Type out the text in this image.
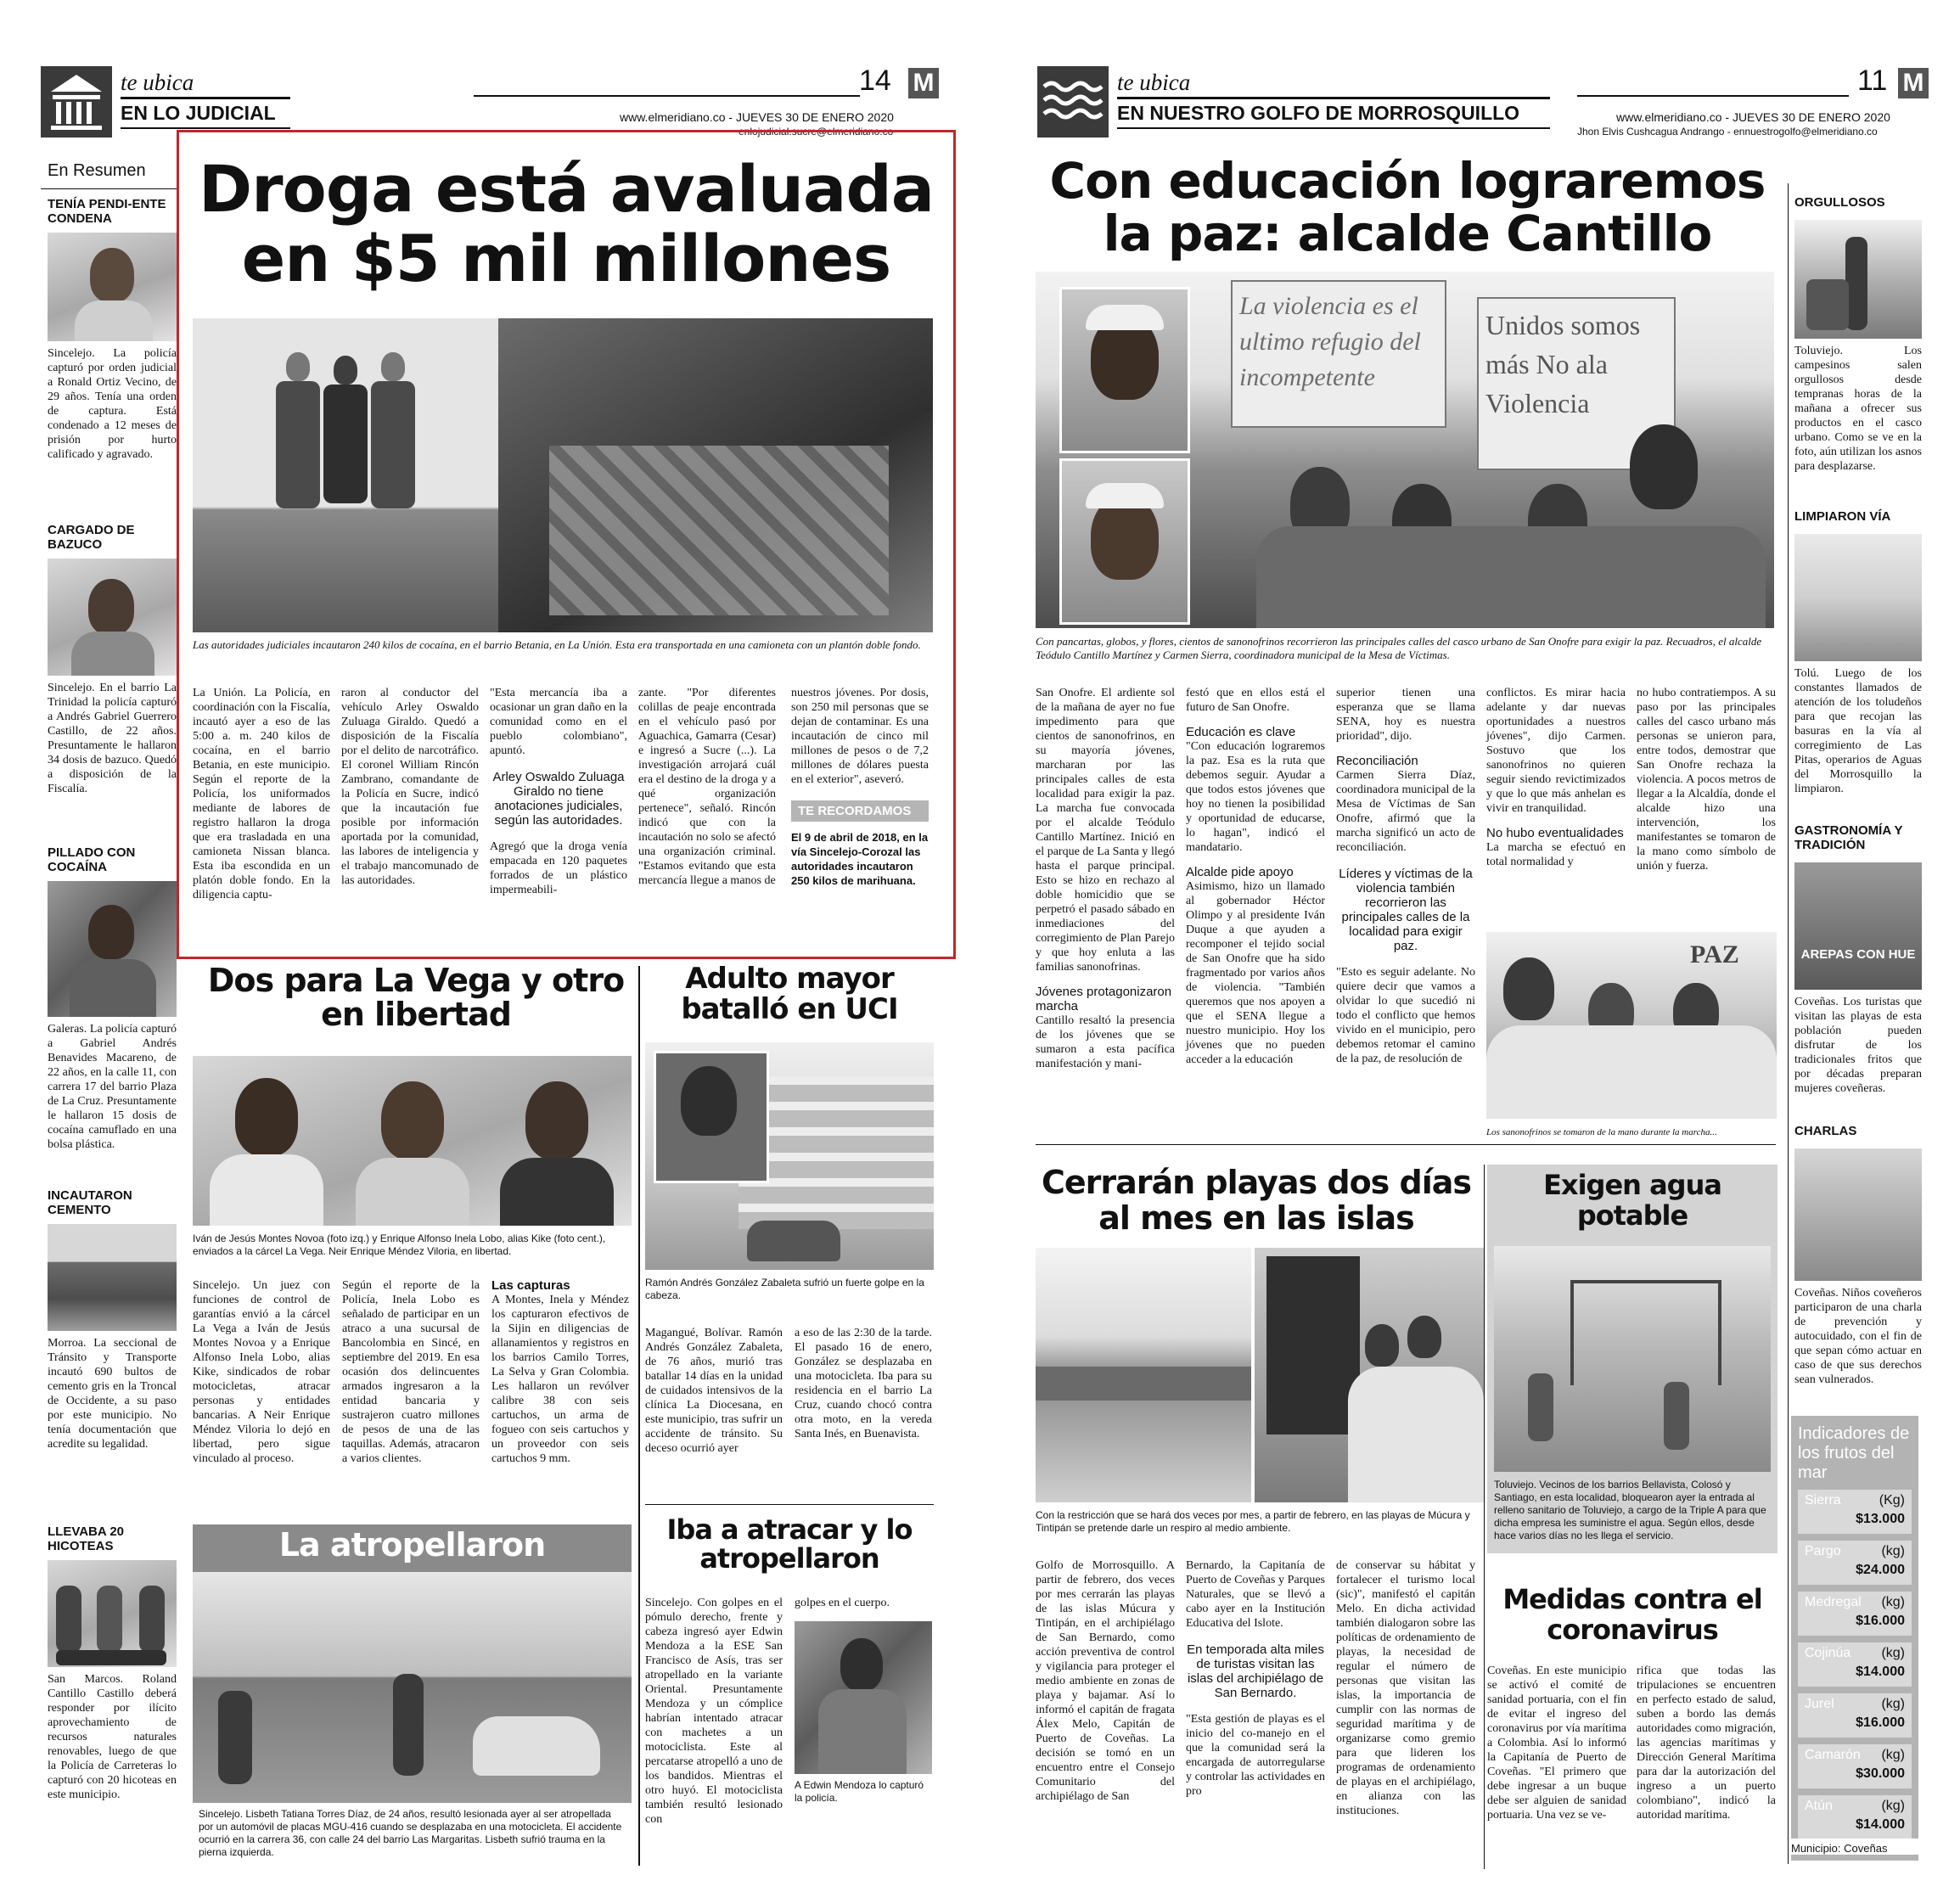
te ubica
EN LO JUDICIAL
14 M
www.elmeridiano.co - JUEVES 30 DE ENERO 2020
enlojudicial.sucre@elmeridiano.co
En Resumen
TENÍA PENDI-ENTE CONDENA
Sincelejo. La policía capturó por orden judicial a Ronald Ortiz Vecino, de 29 años. Tenía una orden de captura. Está condenado a 12 meses de prisión por hurto calificado y agravado.
CARGADO DE BAZUCO
Sincelejo. En el barrio La Trinidad la policía capturó a Andrés Gabriel Guerrero Castillo, de 22 años. Presuntamente le hallaron 34 dosis de bazuco. Quedó a disposición de la Fiscalía.
PILLADO CON COCAÍNA
Galeras. La policía capturó a Gabriel Andrés Benavides Macareno, de 22 años, en la calle 11, con carrera 17 del barrio Plaza de La Cruz. Presuntamente le hallaron 15 dosis de cocaína camuflado en una bolsa plástica.
INCAUTARON CEMENTO
Morroa. La seccional de Tránsito y Transporte incautó 690 bultos de cemento gris en la Troncal de Occidente, a su paso por este municipio. No tenía documentación que acredite su legalidad.
LLEVABA 20 HICOTEAS
San Marcos. Roland Cantillo Castillo deberá responder por ilícito aprovechamiento de recursos naturales renovables, luego de que la Policía de Carreteras lo capturó con 20 hicoteas en este municipio.
Droga está avaluada en $5 mil millones
Las autoridades judiciales incautaron 240 kilos de cocaína, en el barrio Betania, en La Unión. Esta era transportada en una camioneta con un plantón doble fondo.
La Unión. La Policía, en coordinación con la Fiscalía, incautó ayer a eso de las 5:00 a. m. 240 kilos de cocaína, en el barrio Betania, en este municipio. Según el reporte de la Policía, los uniformados mediante de labores de registro hallaron la droga que era trasladada en una camioneta Nissan blanca. Esta iba escondida en un platón doble fondo. En la diligencia captu-
raron al conductor del vehículo Arley Oswaldo Zuluaga Giraldo. Quedó a disposición de la Fiscalía por el delito de narcotráfico. El coronel William Rincón Zambrano, comandante de la Policía en Sucre, indicó que la incautación fue posible por información aportada por la comunidad, las labores de inteligencia y el trabajo mancomunado de las autoridades.
"Esta mercancía iba a ocasionar un gran daño en la comunidad como en el pueblo colombiano", apuntó.
Arley Oswaldo Zuluaga Giraldo no tiene anotaciones judiciales, según las autoridades.
Agregó que la droga venía empacada en 120 paquetes forrados de un plástico impermeabili-
zante. "Por diferentes colillas de peaje encontrada en el vehículo pasó por Aguachica, Gamarra (Cesar) e ingresó a Sucre (...). La investigación arrojará cuál era el destino de la droga y a qué organización pertenece", señaló. Rincón indicó que con la incautación no solo se afectó una organización criminal. "Estamos evitando que esta mercancía llegue a manos de
nuestros jóvenes. Por dosis, son 250 mil personas que se dejan de contaminar. Es una incautación de cinco mil millones de pesos o de 7,2 millones de dólares puesta en el exterior", aseveró.
TE RECORDAMOS
El 9 de abril de 2018, en la vía Sincelejo-Corozal las autoridades incautaron 250 kilos de marihuana.
Dos para La Vega y otro en libertad
Iván de Jesús Montes Novoa (foto izq.) y Enrique Alfonso Inela Lobo, alias Kike (foto cent.), enviados a la cárcel La Vega. Neir Enrique Méndez Viloria, en libertad.
Sincelejo. Un juez con funciones de control de garantías envió a la cárcel La Vega a Iván de Jesús Montes Novoa y a Enrique Alfonso Inela Lobo, alias Kike, sindicados de robar motocicletas, atracar personas y entidades bancarias. A Neir Enrique Méndez Viloria lo dejó en libertad, pero sigue vinculado al proceso.
Según el reporte de la Policía, Inela Lobo es señalado de participar en un atraco a una sucursal de Bancolombia en Sincé, en septiembre del 2019. En esa ocasión dos delincuentes armados ingresaron a la entidad bancaria y sustrajeron cuatro millones de pesos de una de las taquillas. Además, atracaron a varios clientes.
Las capturas
A Montes, Inela y Méndez los capturaron efectivos de la Sijin en diligencias de allanamientos y registros en los barrios Camilo Torres, La Selva y Gran Colombia. Les hallaron un revólver calibre 38 con seis cartuchos, un arma de fogueo con seis cartuchos y un proveedor con seis cartuchos 9 mm.
La atropellaron
Sincelejo. Lisbeth Tatiana Torres Díaz, de 24 años, resultó lesionada ayer al ser atropellada por un automóvil de placas MGU-416 cuando se desplazaba en una motocicleta. El accidente ocurrió en la carrera 36, con calle 24 del barrio Las Margaritas. Lisbeth sufrió trauma en la pierna izquierda.
Adulto mayor batalló en UCI
Ramón Andrés González Zabaleta sufrió un fuerte golpe en la cabeza.
Magangué, Bolívar. Ramón Andrés González Zabaleta, de 76 años, murió tras batallar 14 días en la unidad de cuidados intensivos de la clínica La Diocesana, en este municipio, tras sufrir un accidente de tránsito. Su deceso ocurrió ayer
a eso de las 2:30 de la tarde. El pasado 16 de enero, González se desplazaba en una motocicleta. Iba para su residencia en el barrio La Cruz, cuando chocó contra otra moto, en la vereda Santa Inés, en Buenavista.
Iba a atracar y lo atropellaron
Sincelejo. Con golpes en el pómulo derecho, frente y cabeza ingresó ayer Edwin Mendoza a la ESE San Francisco de Asís, tras ser atropellado en la variante Oriental. Presuntamente Mendoza y un cómplice habrían intentado atracar con machetes a un motociclista. Este al percatarse atropelló a uno de los bandidos. Mientras el otro huyó. El motociclista también resultó lesionado con
golpes en el cuerpo.
A Edwin Mendoza lo capturó la policía.
te ubica
EN NUESTRO GOLFO DE MORROSQUILLO
11 M
www.elmeridiano.co - JUEVES 30 DE ENERO 2020
Jhon Elvis Cushcagua Andrango - ennuestrogolfo@elmeridiano.co
Con educación lograremos la paz: alcalde Cantillo
La violencia es el ultimo refugio del incompetente
Unidos somos más No ala Violencia
Con pancartas, globos, y flores, cientos de sanonofrinos recorrieron las principales calles del casco urbano de San Onofre para exigir la paz. Recuadros, el alcalde Teódulo Cantillo Martínez y Carmen Sierra, coordinadora municipal de la Mesa de Víctimas.
San Onofre. El ardiente sol de la mañana de ayer no fue impedimento para que cientos de sanonofrinos, en su mayoría jóvenes, marcharan por las principales calles de esta localidad para exigir la paz. La marcha fue convocada por el alcalde Teódulo Cantillo Martínez. Inició en el parque de La Santa y llegó hasta el parque principal. Esto se hizo en rechazo al doble homicidio que se perpetró el pasado sábado en inmediaciones del corregimiento de Plan Parejo y que hoy enluta a las familias sanonofrinas.
Jóvenes protagonizaron marcha
Cantillo resaltó la presencia de los jóvenes que se sumaron a esta pacífica manifestación y mani-
festó que en ellos está el futuro de San Onofre.
Educación es clave
"Con educación lograremos la paz. Esa es la ruta que debemos seguir. Ayudar a que todos estos jóvenes que hoy no tienen la posibilidad y oportunidad de educarse, lo hagan", indicó el mandatario.
Alcalde pide apoyo
Asimismo, hizo un llamado al gobernador Héctor Olimpo y al presidente Iván Duque a que ayuden a recomponer el tejido social de San Onofre que ha sido fragmentado por varios años de violencia. "También queremos que nos apoyen a que el SENA llegue a nuestro municipio. Hoy los jóvenes que no pueden acceder a la educación
superior tienen una esperanza que se llama SENA, hoy es nuestra prioridad", dijo.
Reconciliación
Carmen Sierra Díaz, coordinadora municipal de la Mesa de Víctimas de San Onofre, afirmó que la marcha significó un acto de reconciliación.
Líderes y víctimas de la violencia también recorrieron las principales calles de la localidad para exigir paz.
"Esto es seguir adelante. No quiere decir que vamos a olvidar lo que sucedió ni todo el conflicto que hemos vivido en el municipio, pero debemos retomar el camino de la paz, de resolución de
conflictos. Es mirar hacia adelante y dar nuevas oportunidades a nuestros jóvenes", dijo Carmen. Sostuvo que los sanonofrinos no quieren seguir siendo revictimizados y que lo que más anhelan es vivir en tranquilidad.
No hubo eventualidades
La marcha se efectuó en total normalidad y
no hubo contratiempos. A su paso por las principales calles del casco urbano más personas se unieron para, entre todos, demostrar que San Onofre rechaza la violencia. A pocos metros de llegar a la Alcaldía, donde el alcalde hizo una intervención, los manifestantes se tomaron de la mano como símbolo de unión y fuerza.
PAZ
Los sanonofrinos se tomaron de la mano durante la marcha...
ORGULLOSOS
Toluviejo. Los campesinos salen orgullosos desde tempranas horas de la mañana a ofrecer sus productos en el casco urbano. Como se ve en la foto, aún utilizan los asnos para desplazarse.
LIMPIARON VÍA
Tolú. Luego de los constantes llamados de atención de los toludeños para que recojan las basuras en la vía al corregimiento de Las Pitas, operarios de Aguas del Morrosquillo la limpiaron.
GASTRONOMÍA Y TRADICIÓN
AREPAS CON HUE
Coveñas. Los turistas que visitan las playas de esta población pueden disfrutar de los tradicionales fritos que por décadas preparan mujeres coveñeras.
CHARLAS
Coveñas. Niños coveñeros participaron de una charla de prevención y autocuidado, con el fin de que sepan cómo actuar en caso de que sus derechos sean vulnerados.
Indicadores de los frutos del mar
Sierra	(Kg)
$13.000
Pargo	(kg)
$24.000
Medregal (kg)
$16.000
Cojinúa (kg)
$14.000
Jurel	(kg)
$16.000
Camarón (kg)
$30.000
Atún	(kg)
$14.000
Municipio: Coveñas
Cerrarán playas dos días al mes en las islas
Con la restricción que se hará dos veces por mes, a partir de febrero, en las playas de Múcura y Tintipán se pretende darle un respiro al medio ambiente.
Golfo de Morrosquillo. A partir de febrero, dos veces por mes cerrarán las playas de las islas Múcura y Tintipán, en el archipiélago de San Bernardo, como acción preventiva de control y vigilancia para proteger el medio ambiente en zonas de playa y bajamar. Así lo informó el capitán de fragata Álex Melo, Capitán de Puerto de Coveñas. La decisión se tomó en un encuentro entre el Consejo Comunitario del archipiélago de San
Bernardo, la Capitanía de Puerto de Coveñas y Parques Naturales, que se llevó a cabo ayer en la Institución Educativa del Islote.
En temporada alta miles de turistas visitan las islas del archipiélago de San Bernardo.
"Esta gestión de playas es el inicio del co-manejo en el que la comunidad será la encargada de autorregularse y controlar las actividades en pro
de conservar su hábitat y fortalecer el turismo local (sic)", manifestó el capitán Melo. En dicha actividad también dialogaron sobre las políticas de ordenamiento de playas, la necesidad de regular el número de personas que visitan las islas, la importancia de cumplir con las normas de seguridad marítima y de organizarse como gremio para que lideren los programas de ordenamiento de playas en el archipiélago, en alianza con las instituciones.
Exigen agua potable
Toluviejo. Vecinos de los barrios Bellavista, Colosó y Santiago, en esta localidad, bloquearon ayer la entrada al relleno sanitario de Toluviejo, a cargo de la Triple A para que dicha empresa les suministre el agua. Según ellos, desde hace varios días no les llega el servicio.
Medidas contra el coronavirus
Coveñas. En este municipio se activó el comité de sanidad portuaria, con el fin de evitar el ingreso del coronavirus por vía marítima a Colombia. Así lo informó la Capitanía de Puerto de Coveñas. "El primero que debe ingresar a un buque debe ser alguien de sanidad portuaria. Una vez se ve-
rifica que todas las tripulaciones se encuentren en perfecto estado de salud, suben a bordo las demás autoridades como migración, las agencias marítimas y Dirección General Marítima para dar la autorización del ingreso a un puerto colombiano", indicó la autoridad marítima.
